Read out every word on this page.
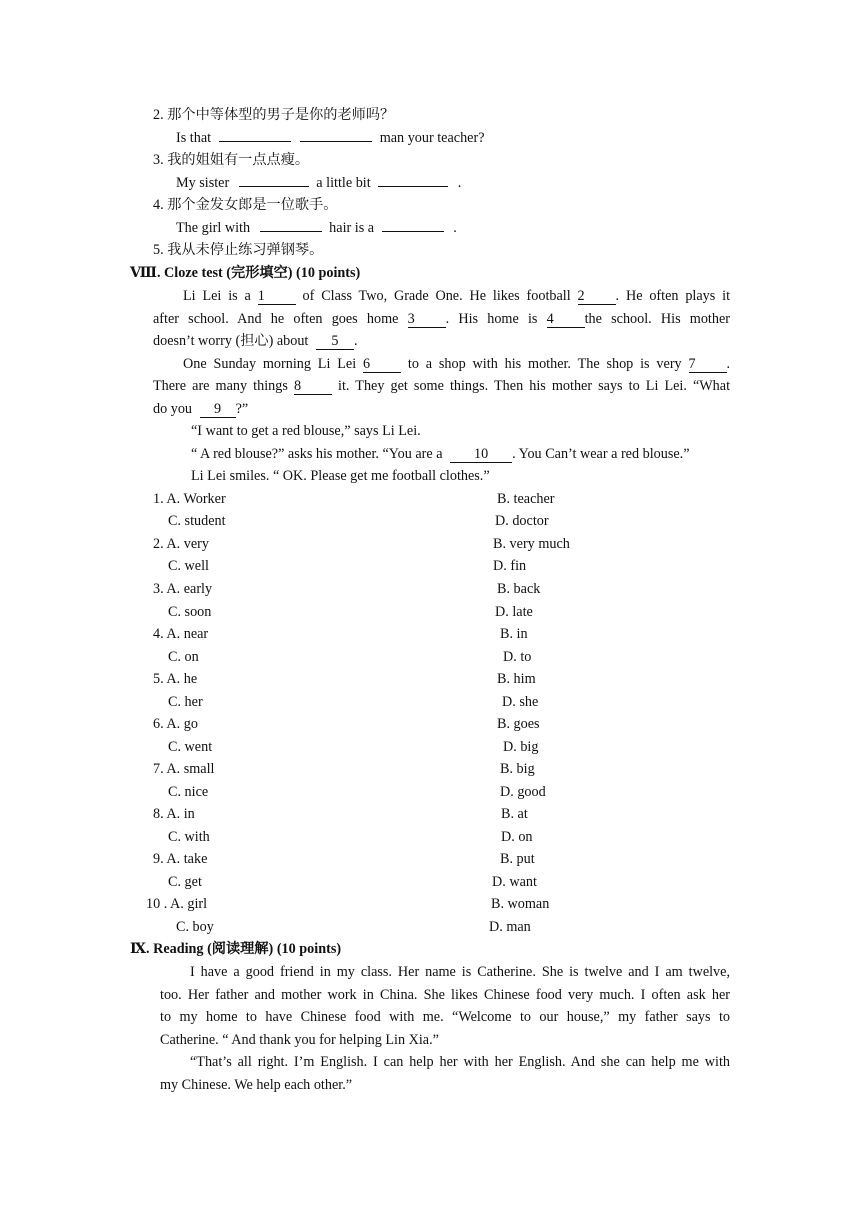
2. 那个中等体型的男子是你的老师吗？
Is that	man your teacher?
3. 我的姐姐有一点点瘦。
My sister	a little bit	.
4. 那个金发女郎是一位歌手。
The girl with	hair is a	.
5. 我从未停止练习弹钢琴。
Ⅷ. Cloze test (完形填空) (10 points)
Li Lei is a 1	of Class Two, Grade One. He likes football 2 . He often plays it
after school. And he often goes home 3 . His home is 4 the school. His mother
doesn’t worry (担心) about 5 .
One Sunday morning Li Lei 6	to a shop with his mother. The shop is very 7 .
There are many things 8	it. They get some things. Then his mother says to Li Lei. “What
do you 9 ?”
“I want to get a red blouse,” says Li Lei.
“ A red blouse?” asks his mother. “You are a 10 . You Can’t wear a red blouse.”
Li Lei smiles. “ OK. Please get me football clothes.”
1. A. Worker	B. teacher
C. student	D. doctor
2. A. very	B. very much
C. well	D. fin
3. A. early	B. back
C. soon	D. late
4. A. near	B. in
C. on	D. to
5. A. he	B. him
C. her	D. she
6. A. go	B. goes
C. went	D. big
7. A. small	B. big
C. nice	D. good
8. A. in	B. at
C. with	D. on
9. A. take	B. put
C. get	D. want
10 . A. girl	B. woman
C. boy	D. man
Ⅸ. Reading (阅读理解) (10 points)
I have a good friend in my class. Her name is Catherine. She is twelve and I am twelve,
too. Her father and mother work in China. She likes Chinese food very much. I often ask her
to my home to have Chinese food with me. “Welcome to our house,” my father says to
Catherine. “ And thank you for helping Lin Xia.”
“That’s all right. I’m English. I can help her with her English. And she can help me with
my Chinese. We help each other.”
